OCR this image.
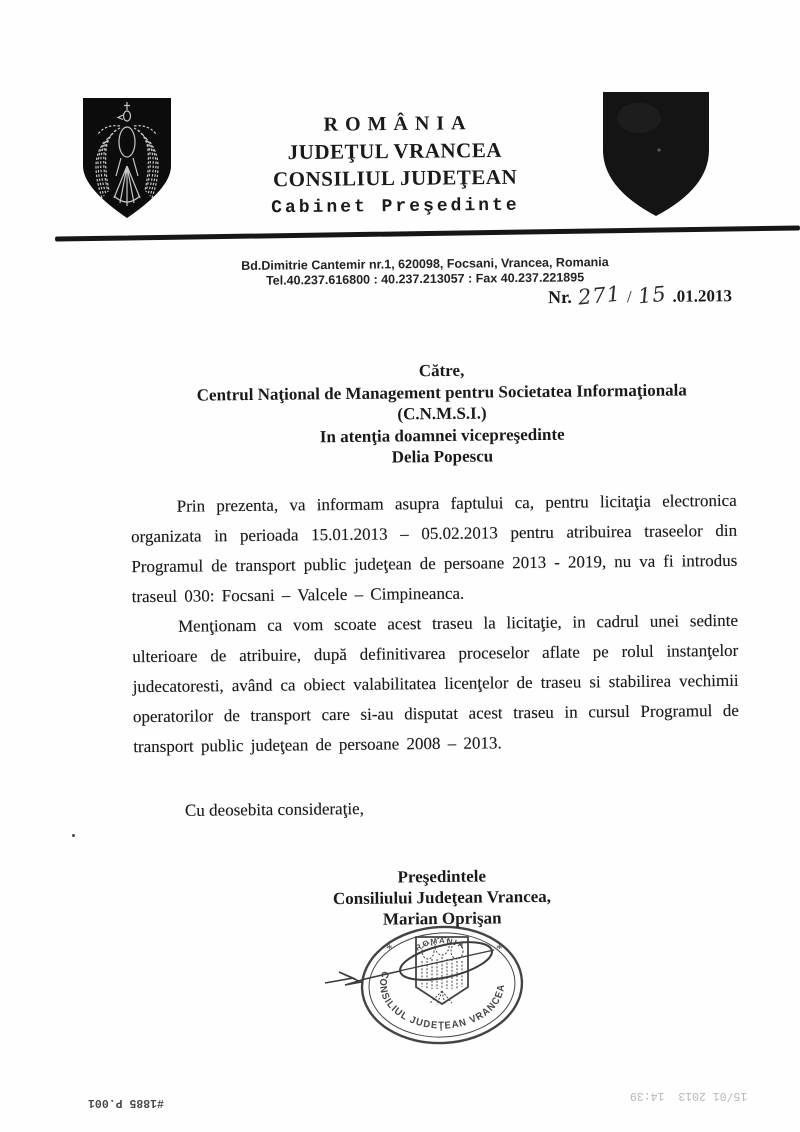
ROMÂNIA
JUDEŢUL VRANCEA
CONSILIUL JUDEŢEAN
Cabinet Preşedinte
Bd.Dimitrie Cantemir nr.1, 620098, Focsani, Vrancea, Romania
Tel.40.237.616800 : 40.237.213057 : Fax 40.237.221895
Nr. 271 / 15 .01.2013
Către,
Centrul Naţional de Management pentru Societatea Informaţionala
(C.N.M.S.I.)
In atenţia doamnei vicepreşedinte
Delia Popescu

Prin prezenta, va informam asupra faptului ca, pentru licitaţia electronica organizata in perioada 15.01.2013 – 05.02.2013 pentru atribuirea traseelor din Programul de transport public judeţean de persoane 2013 - 2019, nu va fi introdus traseul 030: Focsani – Valcele – Cimpineanca.

Menţionam ca vom scoate acest traseu la licitaţie, in cadrul unei sedinte ulterioare de atribuire, după definitivarea proceselor aflate pe rolul instanţelor judecatoresti, având ca obiect valabilitatea licenţelor de traseu si stabilirea vechimii operatorilor de transport care si-au disputat acest traseu in cursul Programul de transport public judeţean de persoane 2008 – 2013.

Cu deosebita consideraţie,
Preşedintele
Consiliului Judeţean Vrancea,
Marian Oprişan
CONSILIUL JUDEŢEAN VRANCEA
ROMANIA
*	*
#1885 P.001
15/01 2013  14:39
